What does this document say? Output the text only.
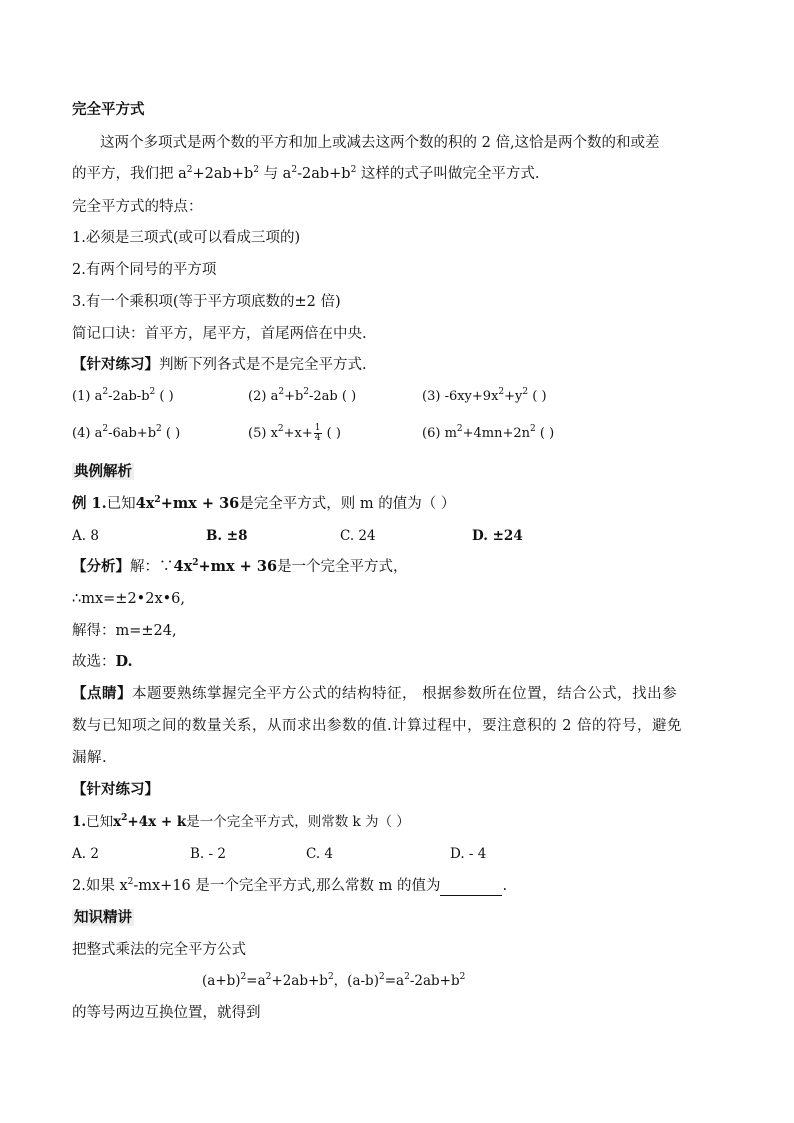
完全平方式
这两个多项式是两个数的平方和加上或减去这两个数的积的 2 倍,这恰是两个数的和或差
的平方，我们把 $a^2+2ab+b^2$ 与 $a^2-2ab+b^2$ 这样的式子叫做完全平方式.
完全平方式的特点：
1.必须是三项式(或可以看成三项的)
2.有两个同号的平方项
3.有一个乘积项(等于平方项底数的±2 倍)
简记口诀：首平方，尾平方，首尾两倍在中央.
【针对练习】判断下列各式是不是完全平方式.
(1) $a^2-2ab-b^2$ ( )	(2) $a^2+b^2-2ab$ ( )	(3) $-6xy+9x^2+y^2$ ( )
(4) $a^2-6ab+b^2$ ( )	(5) $x^2+x+ \frac{1}{4}$ ( )	(6) $m^2+4mn+2n^2$ ( )
典例解析
例 1.已知$4x^2+mx + 36$是完全平方式，则 m 的值为（ ）
A. 8	B. ±8	C. 24	D. ±24
【分析】解：$\because 4x^2+mx + 36$是一个完全平方式，
∴mx=±2•2x•6,
解得：m=±24,
故选：D.
【点睛】本题要熟练掌握完全平方公式的结构特征， 根据参数所在位置，结合公式，找出参
数与已知项之间的数量关系，从而求出参数的值.计算过程中，要注意积的 2 倍的符号，避免
漏解.
【针对练习】
1.已知$x^2+4x + k$是一个完全平方式，则常数 k 为（ ）
A. 2	B. - 2	C. 4	D. - 4
2.如果 $x^2-mx+16$ 是一个完全平方式,那么常数 m 的值为	.
知识精讲
把整式乘法的完全平方公式
$(a+b)^2=a^2+2ab+b^2$，$(a-b)^2=a^2-2ab+b^2$
的等号两边互换位置，就得到
